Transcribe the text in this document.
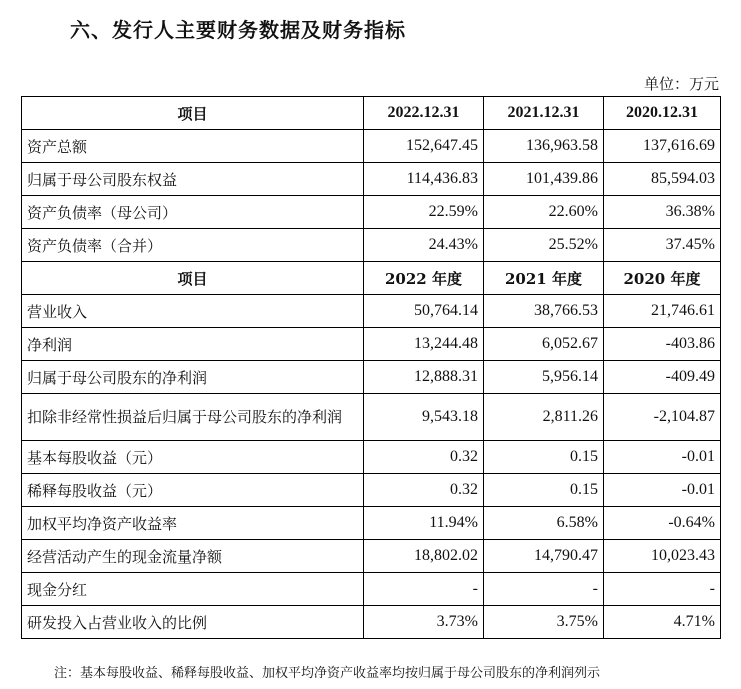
六、发行人主要财务数据及财务指标
单位：万元
项目	2022.12.31	2021.12.31	2020.12.31
资产总额	152,647.45	136,963.58	137,616.69
归属于母公司股东权益	114,436.83	101,439.86	85,594.03
资产负债率（母公司）	22.59%	22.60%	36.38%
资产负债率（合并）	24.43%	25.52%	37.45%
项目	2022 年度	2021 年度	2020 年度
营业收入	50,764.14	38,766.53	21,746.61
净利润	13,244.48	6,052.67	-403.86
归属于母公司股东的净利润	12,888.31	5,956.14	-409.49
扣除非经常性损益后归属于母公司股东的净利润	9,543.18	2,811.26	-2,104.87
基本每股收益（元）	0.32	0.15	-0.01
稀释每股收益（元）	0.32	0.15	-0.01
加权平均净资产收益率	11.94%	6.58%	-0.64%
经营活动产生的现金流量净额	18,802.02	14,790.47	10,023.43
现金分红	-	-	-
研发投入占营业收入的比例	3.73%	3.75%	4.71%
注：基本每股收益、稀释每股收益、加权平均净资产收益率均按归属于母公司股东的净利润列示
